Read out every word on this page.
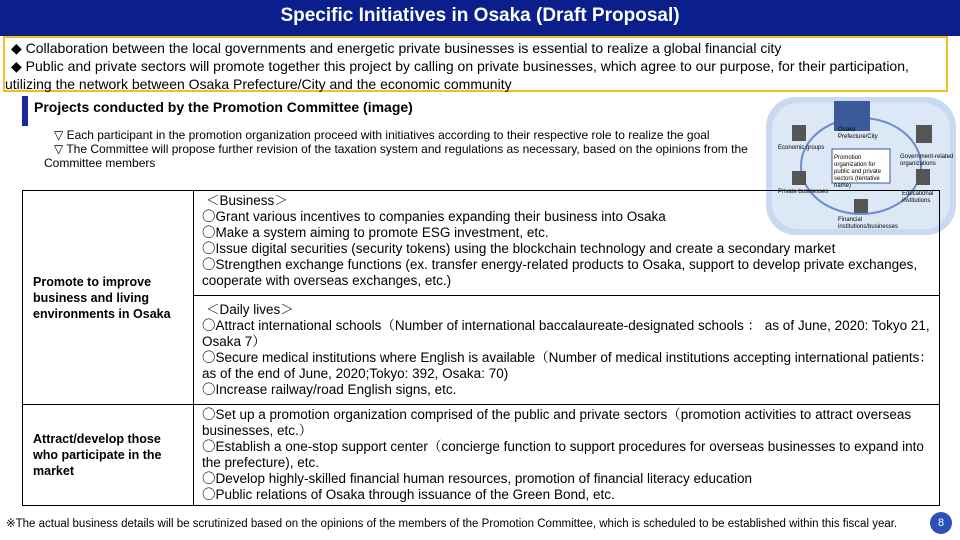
Specific Initiatives in Osaka (Draft Proposal)
◆ Collaboration between the local governments and energetic private businesses is essential to realize a global financial city
◆ Public and private sectors will promote together this project by calling on private businesses, which agree to our purpose, for their participation, utilizing the network between Osaka Prefecture/City and the economic community
Projects conducted by the Promotion Committee (image)
▽ Each participant in the promotion organization proceed with initiatives according to their respective role to realize the goal
▽ The Committee will propose further revision of the taxation system and regulations as necessary, based on the opinions from the Committee members
Osaka Prefecture/City
Economic groups
Government-related organizations
Promotion organization for public and private sectors (tentative name)
Private businesses	Educational institutions
Financial institutions/businesses
Promote to improve business and living environments in Osaka	＜Business＞
〇Grant various incentives to companies expanding their business into Osaka
〇Make a system aiming to promote ESG investment, etc.
〇Issue digital securities (security tokens) using the blockchain technology and create a secondary market
〇Strengthen exchange functions (ex. transfer energy-related products to Osaka, support to develop private exchanges, cooperate with overseas exchanges, etc.)

	＜Daily lives＞
〇Attract international schools（Number of international baccalaureate-designated schools ： as of June, 2020: Tokyo 21, Osaka 7）
〇Secure medical institutions where English is available（Number of medical institutions accepting international patients：as of the end of June, 2020;Tokyo: 392, Osaka: 70)
〇Increase railway/road English signs, etc.

Attract/develop those who participate in the market	〇Set up a promotion organization comprised of the public and private sectors（promotion activities to attract overseas businesses, etc.）
〇Establish a one-stop support center（concierge function to support procedures for overseas businesses to expand into the prefecture), etc.
〇Develop highly-skilled financial human resources, promotion of financial literacy education
〇Public relations of Osaka through issuance of the Green Bond, etc.
※The actual business details will be scrutinized based on the opinions of the members of the Promotion Committee, which is scheduled to be established within this fiscal year.	8
